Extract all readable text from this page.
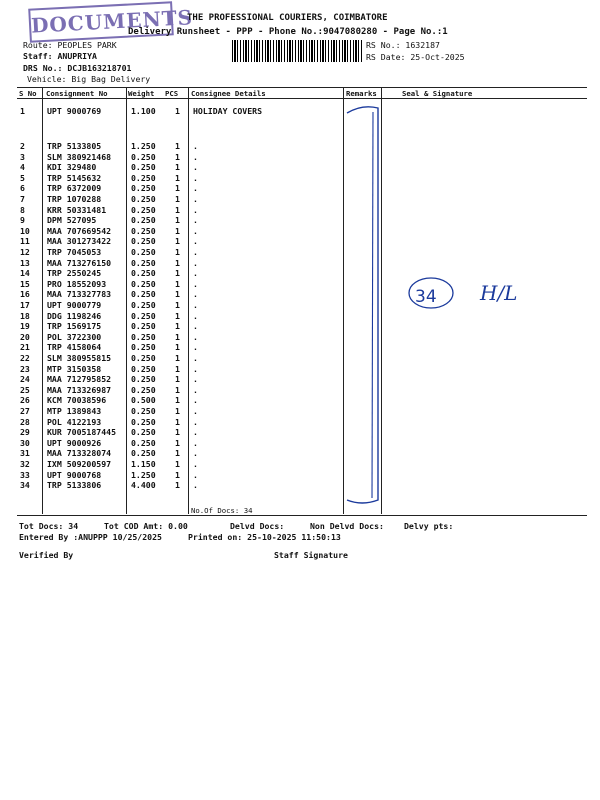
DOCUMENTS
THE PROFESSIONAL COURIERS, COIMBATORE
Delivery Runsheet - PPP - Phone No.:9047080280 - Page No.:1
Route: PEOPLES PARK
Staff: ANUPRIYA
DRS No.: DCJB163218701
Vehicle: Big Bag Delivery
RS No.: 1632187
RS Date: 25-Oct-2025
S No Consignment No	Weight PCS Consignee Details	Remarks	Seal & Signature
1	UPT 9000769	1.100 1 HOLIDAY COVERS
2	TRP 5133805	1.250 1 .
3	SLM 380921468 0.250 1 .
4	KDI 329480	0.250 1 .
5	TRP 5145632	0.250 1 .
6	TRP 6372009	0.250 1 .
7	TRP 1070288	0.250 1 .
8	KRR 50331481	0.250 1 .
9	DPM 527095	0.250 1 .
10 MAA 707669542 0.250 1 .
11 MAA 301273422 0.250 1 .
12 TRP 7045053	0.250 1 .
13 MAA 713276150 0.250 1 .
14 TRP 2550245	0.250 1 .
15 PRO 18552093	0.250 1 .
16 MAA 713327783 0.250 1 .
17 UPT 9000779	0.250 1 .
18 DDG 1198246	0.250 1 .
19 TRP 1569175	0.250 1 .
20 POL 3722300	0.250 1 .
21 TRP 4158064	0.250 1 .
22 SLM 380955815 0.250 1 .
23 MTP 3150358	0.250 1 .
24 MAA 712795852 0.250 1 .
25 MAA 713326987 0.250 1 .
26 KCM 70038596	0.500 1 .
27 MTP 1389843	0.250 1 .
28 POL 4122193	0.250 1 .
29 KUR 7005187445 0.250 1 .
30 UPT 9000926	0.250 1 .
31 MAA 713328074 0.250 1 .
32 IXM 509200597 1.150 1 .
33 UPT 9000768	1.250 1 .
34 TRP 5133806	4.400 1 .
No.Of Docs: 34
Tot Docs: 34	Tot COD Amt: 0.00	Delvd Docs:	Non Delvd Docs: Delvy pts:
Entered By :ANUPPP 10/25/2025	Printed on: 25-10-2025 11:50:13
Verified By	Staff Signature
34 H/L
